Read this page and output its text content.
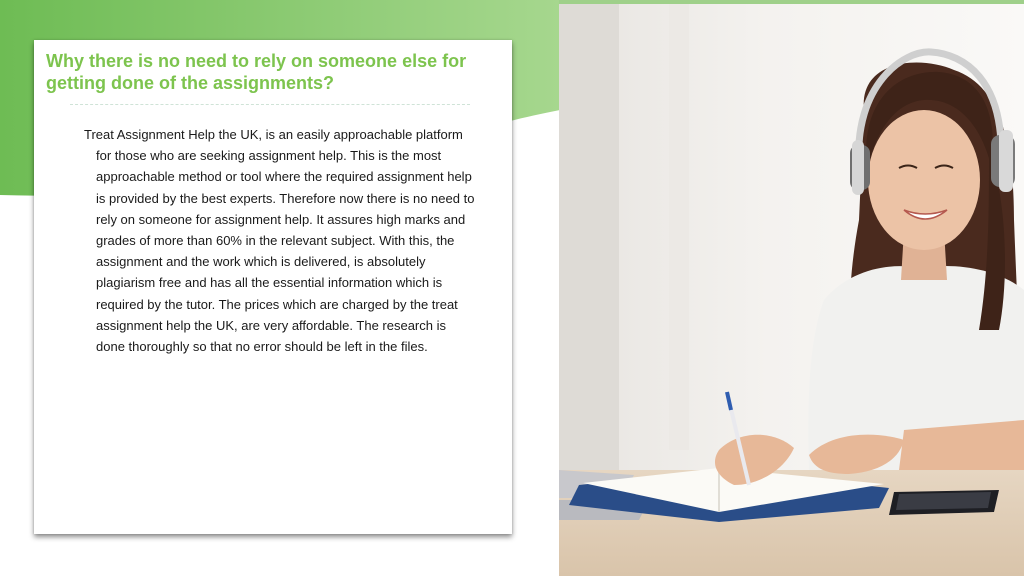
Why there is no need to rely on someone else for getting done of the assignments?

Treat Assignment Help the UK, is an easily approachable platform for those who are seeking assignment help. This is the most approachable method or tool where the required assignment help is provided by the best experts. Therefore now there is no need to rely on someone for assignment help. It assures high marks and grades of more than 60% in the relevant subject. With this, the assignment and the work which is delivered, is absolutely plagiarism free and has all the essential information which is required by the tutor. The prices which are charged by the treat assignment help the UK, are very affordable. The research is done thoroughly so that no error should be left in the files.
